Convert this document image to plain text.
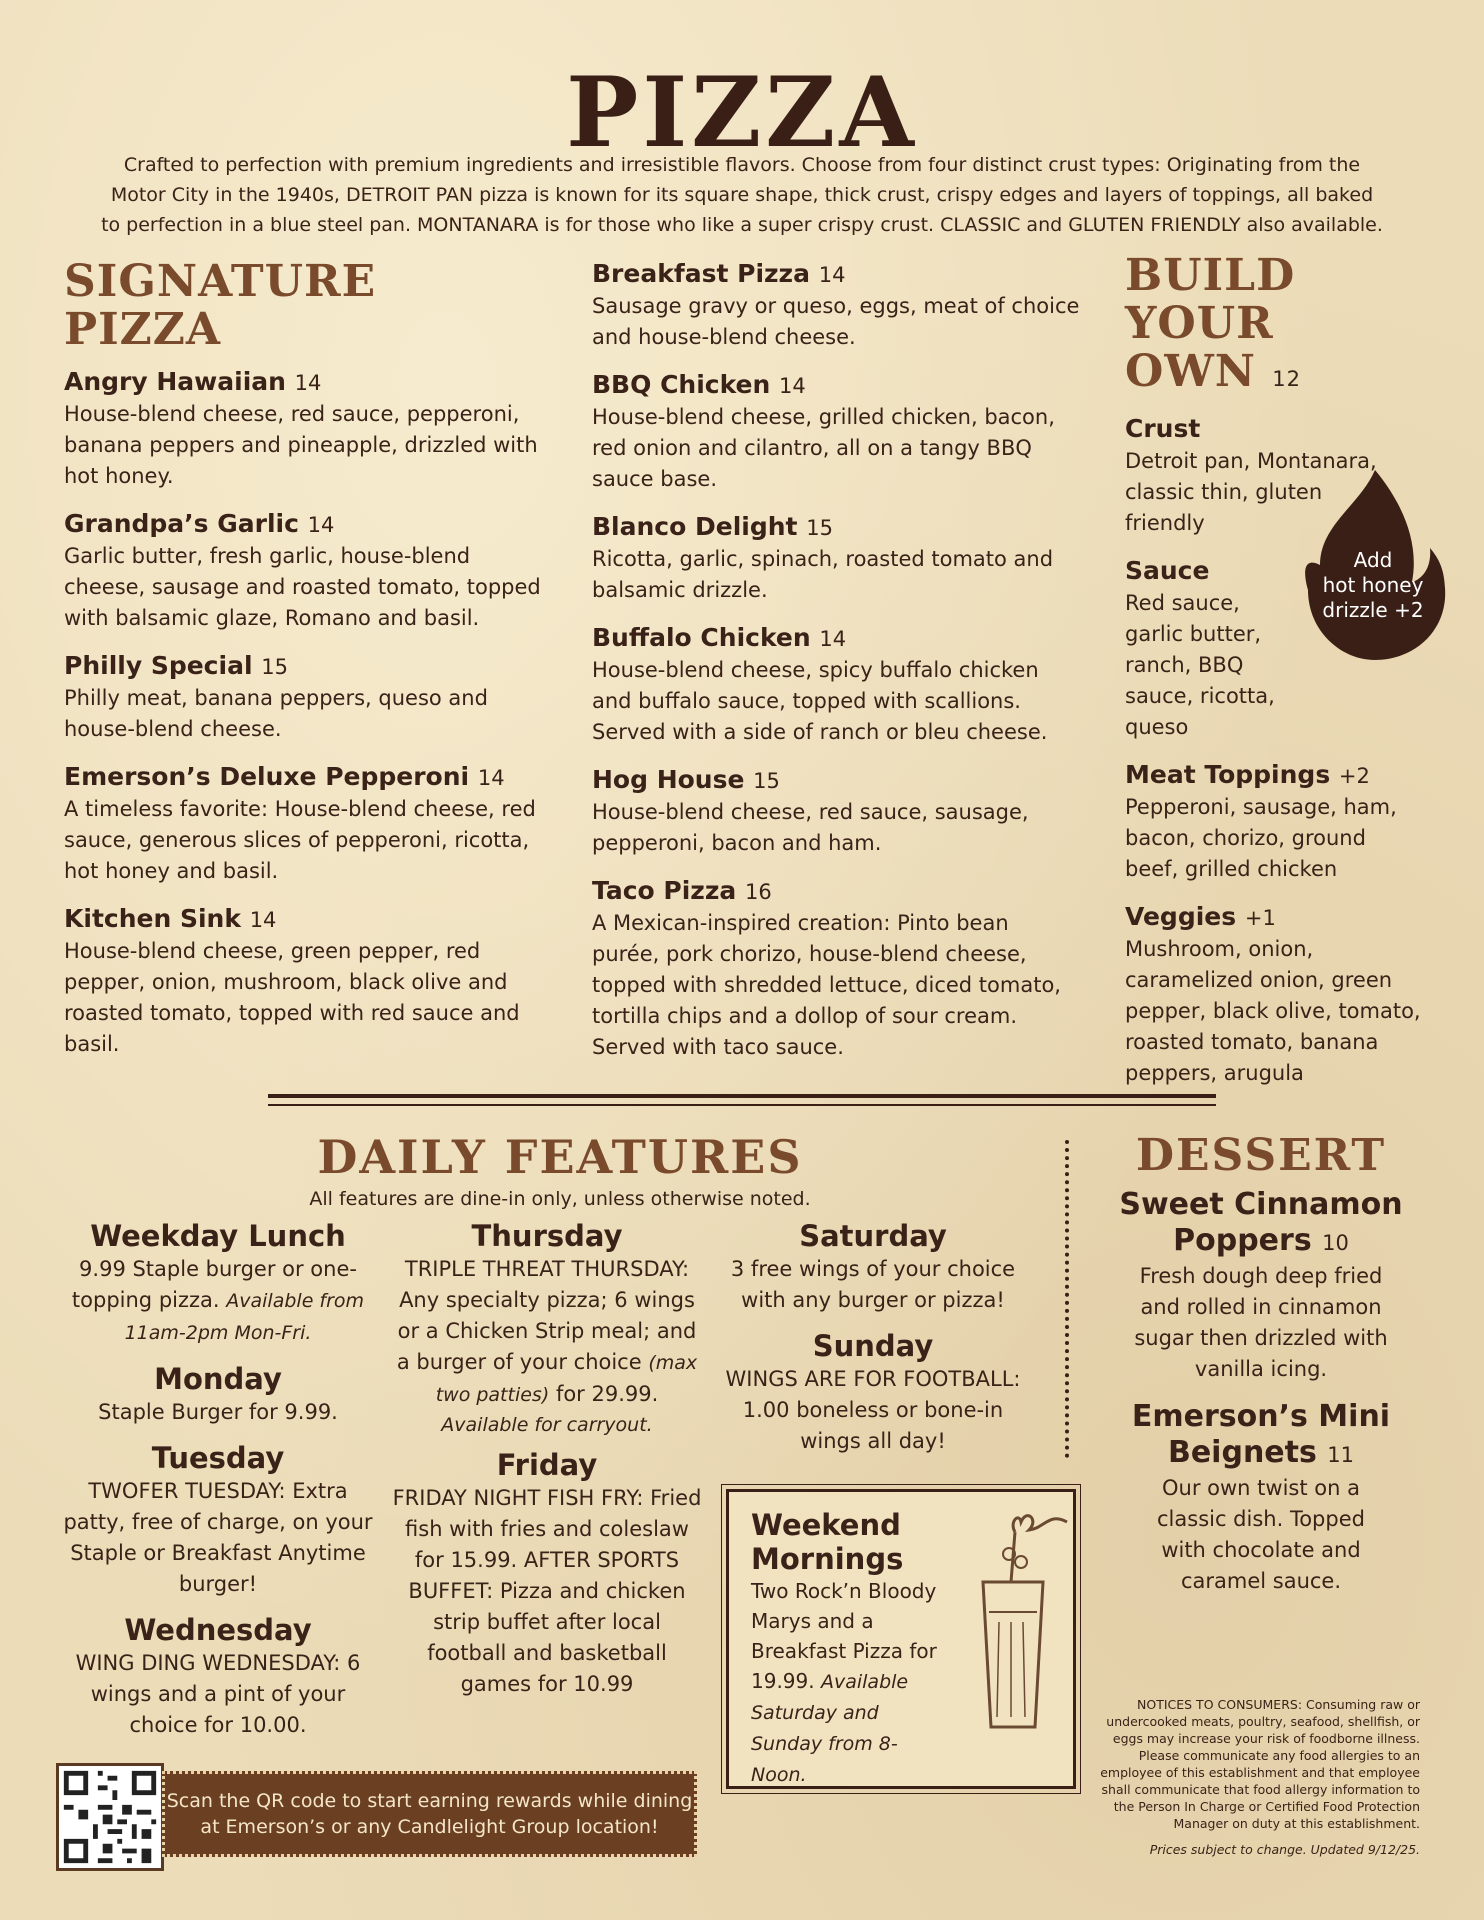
PIZZA
Crafted to perfection with premium ingredients and irresistible flavors. Choose from four distinct crust types: Originating from the Motor City in the 1940s, DETROIT PAN pizza is known for its square shape, thick crust, crispy edges and layers of toppings, all baked to perfection in a blue steel pan. MONTANARA is for those who like a super crispy crust. CLASSIC and GLUTEN FRIENDLY also available.
SIGNATURE
PIZZA
Angry Hawaiian 14
House-blend cheese, red sauce, pepperoni, banana peppers and pineapple, drizzled with hot honey.
Grandpa’s Garlic 14
Garlic butter, fresh garlic, house-blend cheese, sausage and roasted tomato, topped with balsamic glaze, Romano and basil.
Philly Special 15
Philly meat, banana peppers, queso and house-blend cheese.
Emerson’s Deluxe Pepperoni 14
A timeless favorite: House-blend cheese, red sauce, generous slices of pepperoni, ricotta, hot honey and basil.
Kitchen Sink 14
House-blend cheese, green pepper, red pepper, onion, mushroom, black olive and roasted tomato, topped with red sauce and basil.
Breakfast Pizza 14
Sausage gravy or queso, eggs, meat of choice and house-blend cheese.
BBQ Chicken 14
House-blend cheese, grilled chicken, bacon, red onion and cilantro, all on a tangy BBQ sauce base.
Blanco Delight 15
Ricotta, garlic, spinach, roasted tomato and balsamic drizzle.
Buffalo Chicken 14
House-blend cheese, spicy buffalo chicken and buffalo sauce, topped with scallions. Served with a side of ranch or bleu cheese.
Hog House 15
House-blend cheese, red sauce, sausage, pepperoni, bacon and ham.
Taco Pizza 16
A Mexican-inspired creation: Pinto bean purée, pork chorizo, house-blend cheese, topped with shredded lettuce, diced tomato, tortilla chips and a dollop of sour cream. Served with taco sauce.
BUILD
YOUR
OWN 12
Crust
Detroit pan, Montanara, classic thin, gluten friendly
Sauce
Red sauce, garlic butter, ranch, BBQ sauce, ricotta, queso
Meat Toppings +2
Pepperoni, sausage, ham, bacon, chorizo, ground beef, grilled chicken
Veggies +1
Mushroom, onion, caramelized onion, green pepper, black olive, tomato, roasted tomato, banana peppers, arugula
Add
hot honey
drizzle +2
DAILY FEATURES
All features are dine-in only, unless otherwise noted.
Weekday Lunch
9.99 Staple burger or one-topping pizza. Available from 11am-2pm Mon-Fri.
Monday
Staple Burger for 9.99.
Tuesday
TWOFER TUESDAY: Extra patty, free of charge, on your Staple or Breakfast Anytime burger!
Wednesday
WING DING WEDNESDAY: 6 wings and a pint of your choice for 10.00.
Thursday
TRIPLE THREAT THURSDAY: Any specialty pizza; 6 wings or a Chicken Strip meal; and a burger of your choice (max two patties) for 29.99.
Available for carryout.
Friday
FRIDAY NIGHT FISH FRY: Fried fish with fries and coleslaw for 15.99. AFTER SPORTS BUFFET: Pizza and chicken strip buffet after local football and basketball games for 10.99
Saturday
3 free wings of your choice with any burger or pizza!
Sunday
WINGS ARE FOR FOOTBALL: 1.00 boneless or bone-in wings all day!
Weekend
Mornings
Two Rock’n Bloody Marys and a Breakfast Pizza for 19.99. Available Saturday and Sunday from 8-Noon.
Scan the QR code to start earning rewards while dining at Emerson’s or any Candlelight Group location!
DESSERT
Sweet Cinnamon
Poppers 10
Fresh dough deep fried and rolled in cinnamon sugar then drizzled with vanilla icing.
Emerson’s Mini
Beignets 11
Our own twist on a classic dish. Topped with chocolate and caramel sauce.
NOTICES TO CONSUMERS: Consuming raw or undercooked meats, poultry, seafood, shellfish, or eggs may increase your risk of foodborne illness. Please communicate any food allergies to an employee of this establishment and that employee shall communicate that food allergy information to the Person In Charge or Certified Food Protection Manager on duty at this establishment.
Prices subject to change. Updated 9/12/25.
